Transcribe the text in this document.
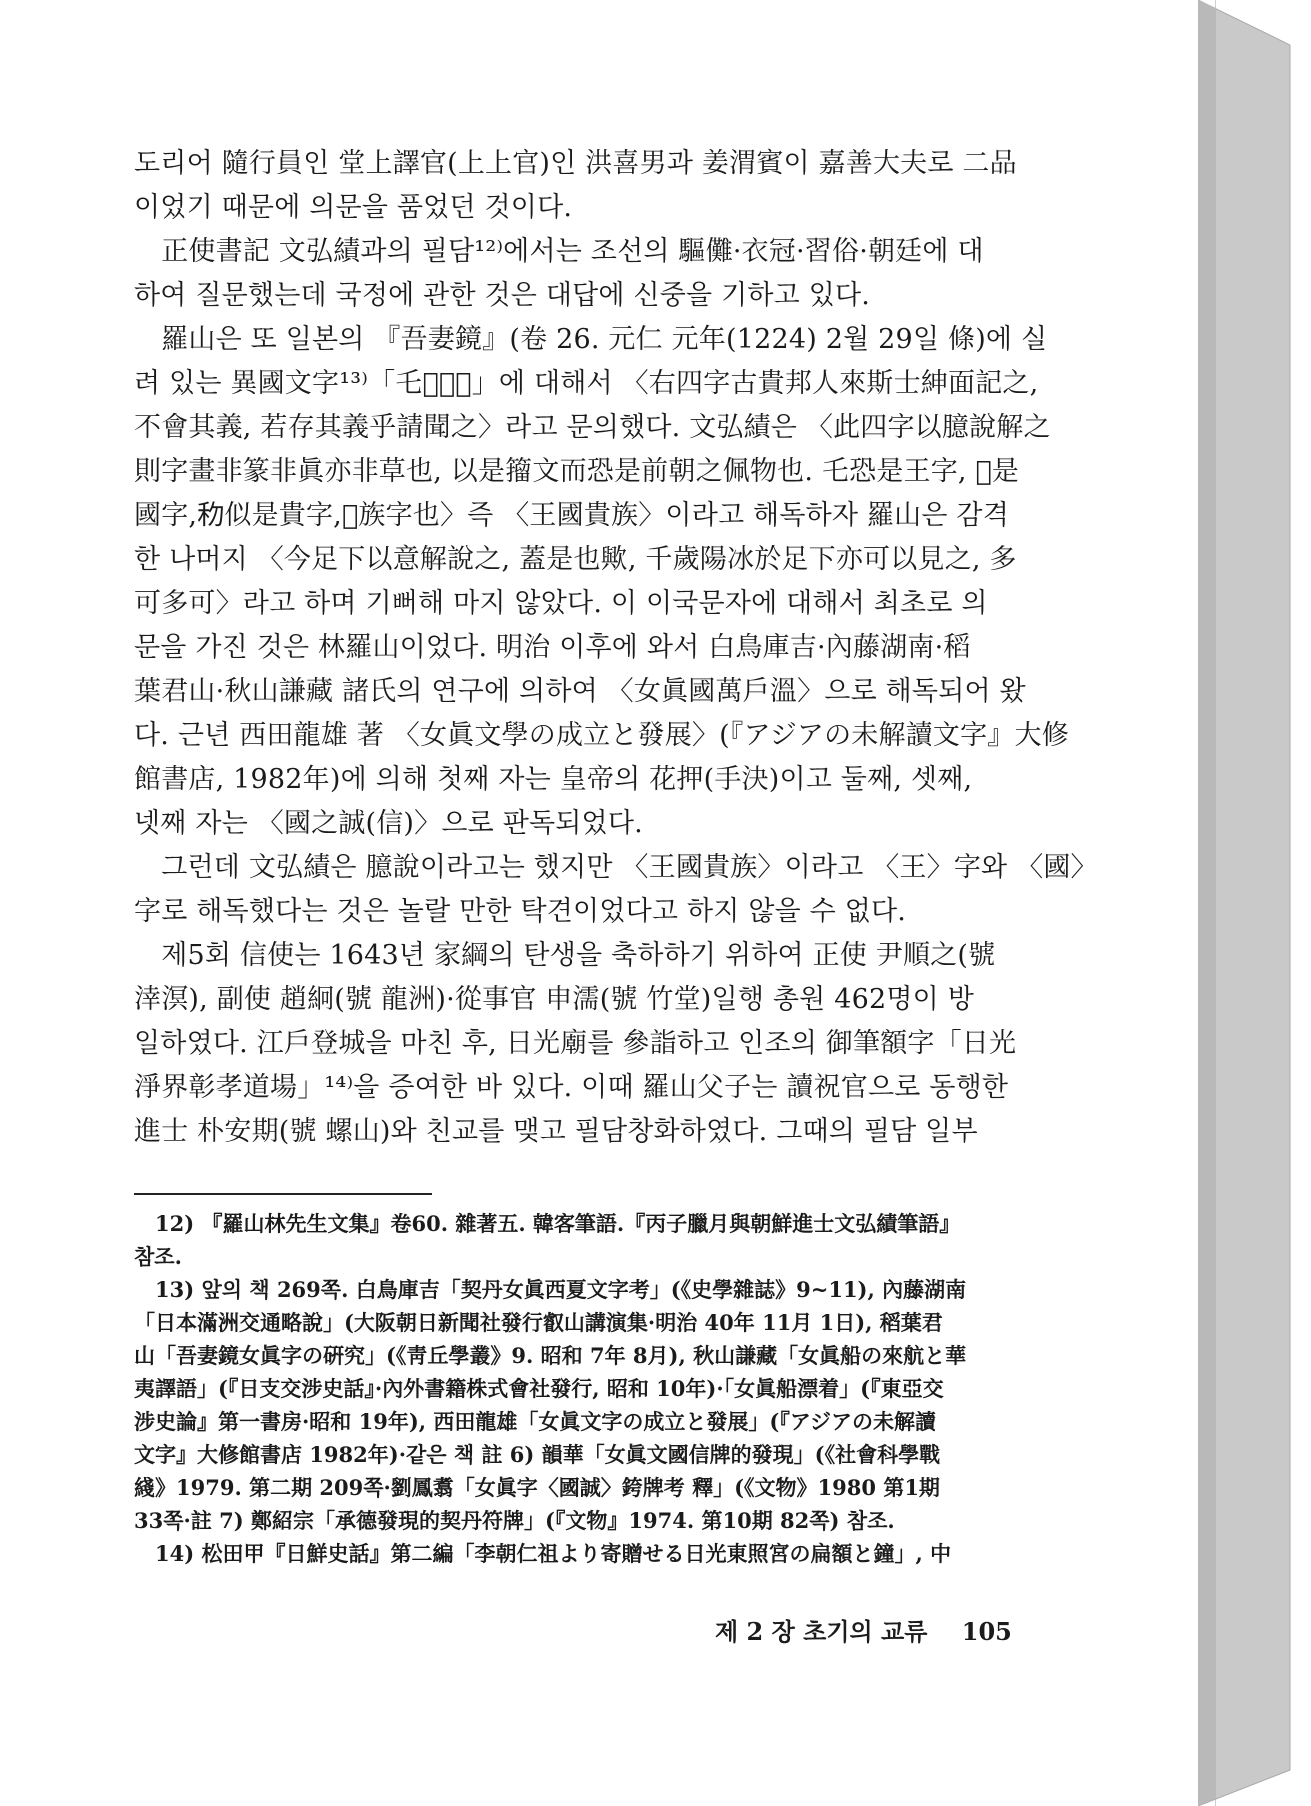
도리어 隨行員인 堂上譯官(上上官)인 洪喜男과 姜渭賓이 嘉善大夫로 二品
이었기 때문에 의문을 품었던 것이다.
　正使書記 文弘績과의 필담¹²⁾에서는 조선의 驅儺·衣冠·習俗·朝廷에 대
하여 질문했는데 국정에 관한 것은 대답에 신중을 기하고 있다.
　羅山은 또 일본의 『吾妻鏡』(卷 26. 元仁 元年(1224) 2월 29일 條)에 실
려 있는 異國文字¹³⁾「乇𣎃𥝢𣑠」에 대해서 〈右四字古貴邦人來斯士紳面記之,
不會其義, 若存其義乎請聞之〉라고 문의했다. 文弘績은 〈此四字以臆說解之
則字畫非篆非眞亦非草也, 以是籀文而恐是前朝之佩物也. 乇恐是王字, 𣎃是
國字,𥝢似是貴字,𣑠族字也〉즉 〈王國貴族〉이라고 해독하자 羅山은 감격
한 나머지 〈今足下以意解說之, 蓋是也歟, 千歲陽冰於足下亦可以見之, 多
可多可〉라고 하며 기뻐해 마지 않았다. 이 이국문자에 대해서 최초로 의
문을 가진 것은 林羅山이었다. 明治 이후에 와서 白鳥庫吉·內藤湖南·稻
葉君山·秋山謙藏 諸氏의 연구에 의하여 〈女眞國萬戶溫〉으로 해독되어 왔
다. 근년 西田龍雄 著 〈女眞文學の成立と發展〉(『アジアの未解讀文字』大修
館書店, 1982年)에 의해 첫째 자는 皇帝의 花押(手決)이고 둘째, 셋째,
넷째 자는 〈國之誠(信)〉으로 판독되었다.
　그런데 文弘績은 臆說이라고는 했지만 〈王國貴族〉이라고 〈王〉字와 〈國〉
字로 해독했다는 것은 놀랄 만한 탁견이었다고 하지 않을 수 없다.
　제5회 信使는 1643년 家綱의 탄생을 축하하기 위하여 正使 尹順之(號
涬溟), 副使 趙絅(號 龍洲)·從事官 申濡(號 竹堂)일행 총원 462명이 방
일하였다. 江戶登城을 마친 후, 日光廟를 參詣하고 인조의 御筆額字「日光
淨界彰孝道場」¹⁴⁾을 증여한 바 있다. 이때 羅山父子는 讀祝官으로 동행한
進士 朴安期(號 螺山)와 친교를 맺고 필담창화하였다. 그때의 필담 일부
　12) 『羅山林先生文集』卷60. 雜著五. 韓客筆語.『丙子臘月與朝鮮進士文弘績筆語』
참조.
　13) 앞의 책 269쪽. 白鳥庫吉「契丹女眞西夏文字考」(《史學雜誌》9~11), 內藤湖南
「日本滿洲交通略說」(大阪朝日新聞社發行叡山講演集·明治 40年 11月 1日), 稻葉君
山「吾妻鏡女眞字の硏究」(《靑丘學叢》9. 昭和 7年 8月), 秋山謙藏「女眞船の來航と華
夷譯語」(『日支交涉史話』·內外書籍株式會社發行, 昭和 10年)·「女眞船漂着」(『東亞交
涉史論』第一書房·昭和 19年), 西田龍雄「女眞文字の成立と發展」(『アジアの未解讀
文字』大修館書店 1982年)·같은 책 註 6) 韻華「女眞文國信牌的發現」(《社會科學戰
綫》1979. 第二期 209쪽·劉鳳翥「女眞字〈國誠〉銙牌考 釋」(《文物》1980 第1期
33쪽·註 7) 鄭紹宗「承德發現的契丹符牌」(『文物』1974. 第10期 82쪽) 참조.
　14) 松田甲『日鮮史話』第二編「李朝仁祖より寄贈せる日光東照宮の扁額と鐘」, 中
제 2 장 초기의 교류 105
